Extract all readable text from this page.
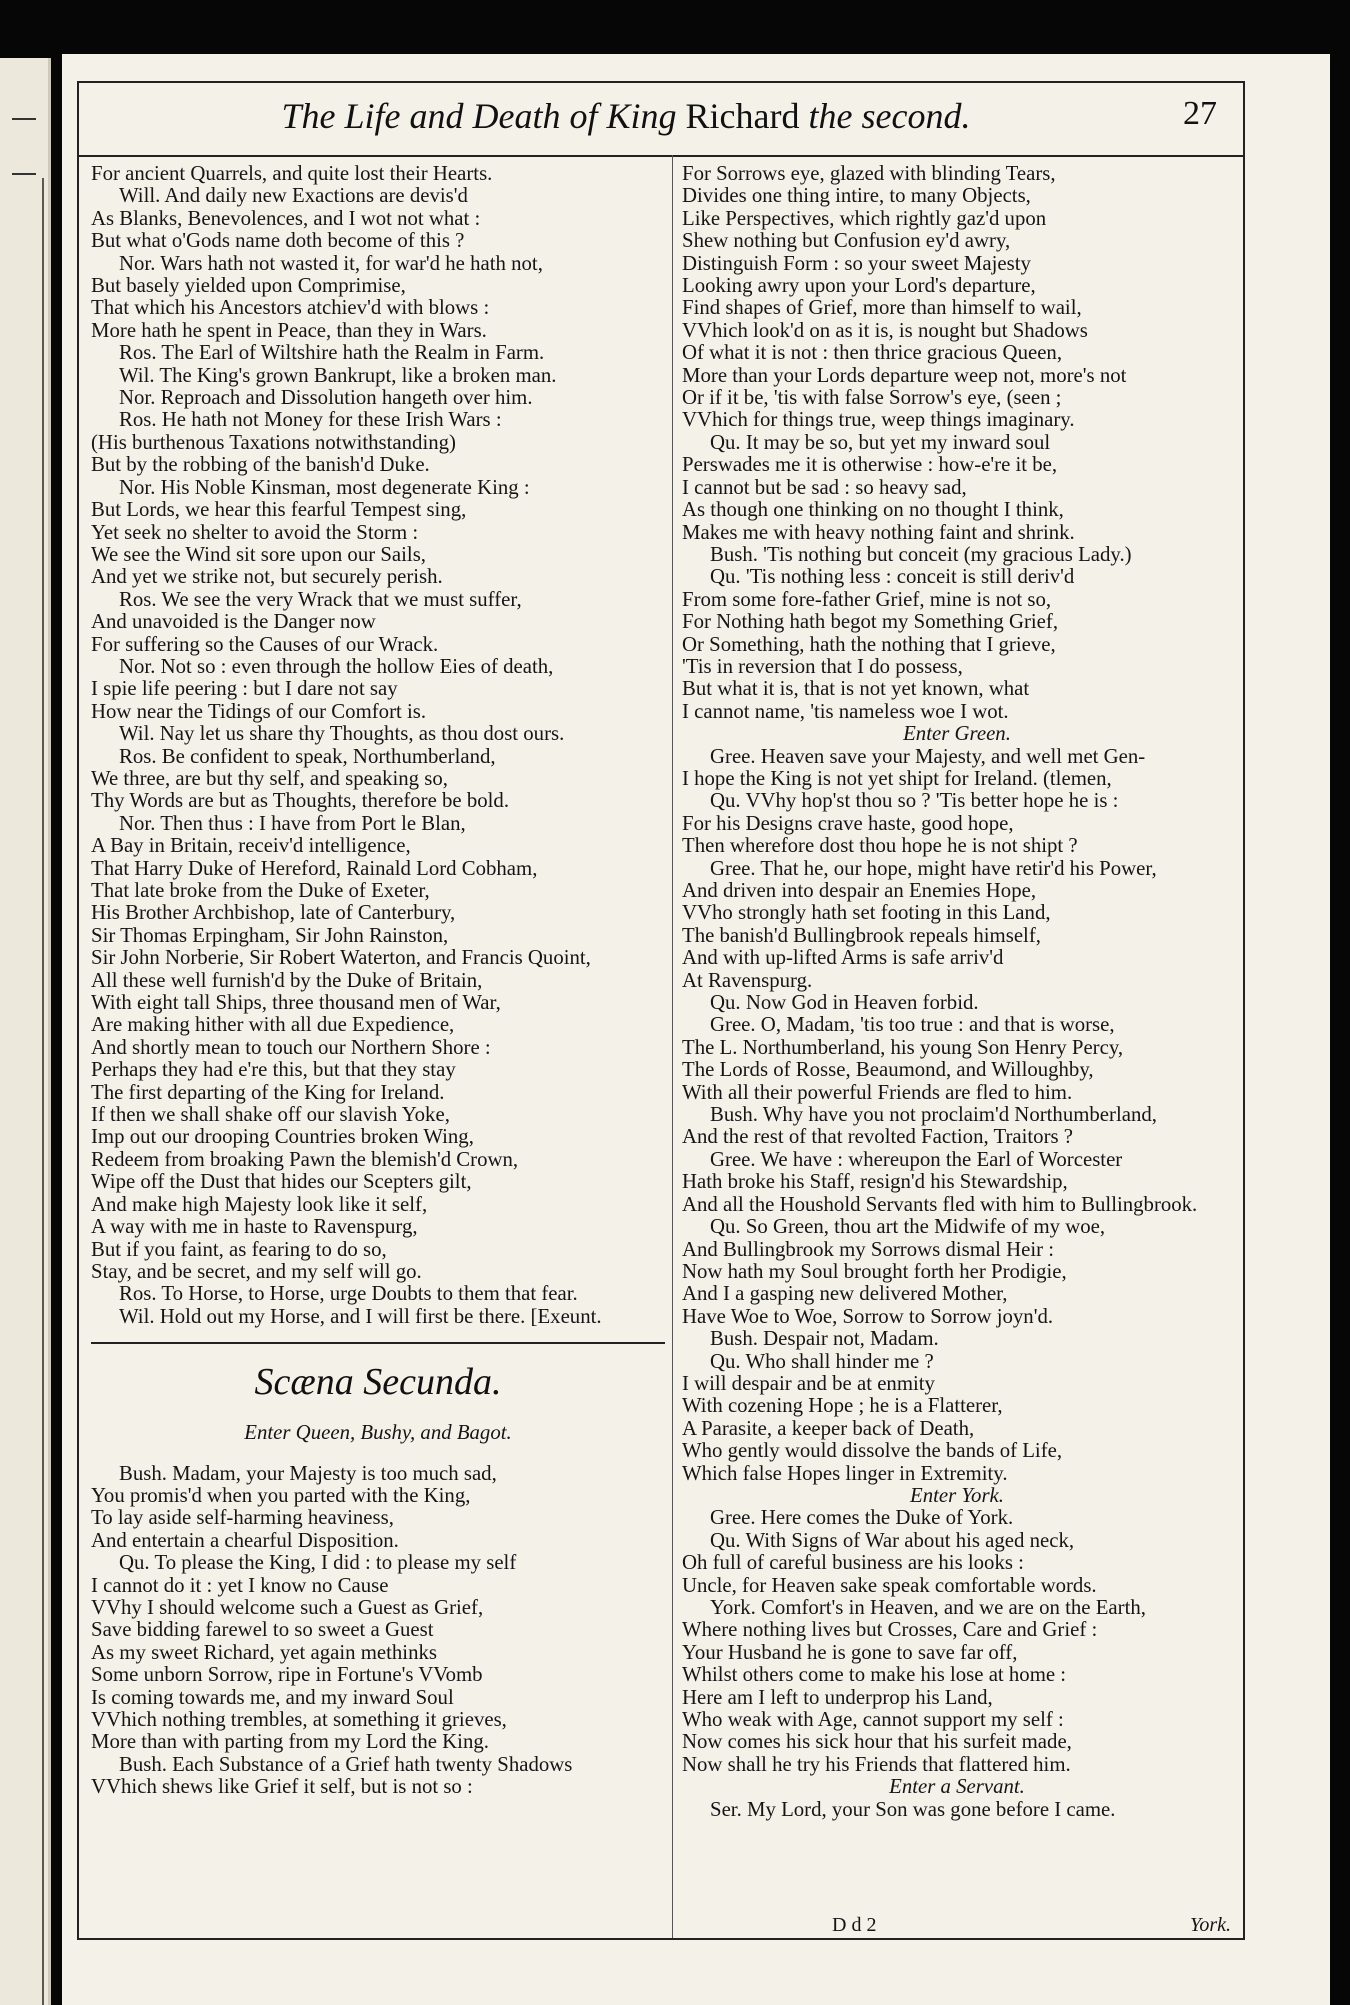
The Life and Death of King Richard the second.	27

For ancient Quarrels, and quite lost their Hearts.

Will. And daily new Exactions are devis'd

As Blanks, Benevolences, and I wot not what :

But what o'Gods name doth become of this ?

Nor. Wars hath not wasted it, for war'd he hath not,

But basely yielded upon Comprimise,

That which his Ancestors atchiev'd with blows :

More hath he spent in Peace, than they in Wars.

Ros. The Earl of Wiltshire hath the Realm in Farm.

Wil. The King's grown Bankrupt, like a broken man.

Nor. Reproach and Dissolution hangeth over him.

Ros. He hath not Money for these Irish Wars :

(His burthenous Taxations notwithstanding)

But by the robbing of the banish'd Duke.

Nor. His Noble Kinsman, most degenerate King :

But Lords, we hear this fearful Tempest sing,

Yet seek no shelter to avoid the Storm :

We see the Wind sit sore upon our Sails,

And yet we strike not, but securely perish.

Ros. We see the very Wrack that we must suffer,

And unavoided is the Danger now

For suffering so the Causes of our Wrack.

Nor. Not so : even through the hollow Eies of death,

I spie life peering : but I dare not say

How near the Tidings of our Comfort is.

Wil. Nay let us share thy Thoughts, as thou dost ours.

Ros. Be confident to speak, Northumberland,

We three, are but thy self, and speaking so,

Thy Words are but as Thoughts, therefore be bold.

Nor. Then thus : I have from Port le Blan,

A Bay in Britain, receiv'd intelligence,

That Harry Duke of Hereford, Rainald Lord Cobham,

That late broke from the Duke of Exeter,

His Brother Archbishop, late of Canterbury,

Sir Thomas Erpingham, Sir John Rainston,

Sir John Norberie, Sir Robert Waterton, and Francis Quoint,

All these well furnish'd by the Duke of Britain,

With eight tall Ships, three thousand men of War,

Are making hither with all due Expedience,

And shortly mean to touch our Northern Shore :

Perhaps they had e're this, but that they stay

The first departing of the King for Ireland.

If then we shall shake off our slavish Yoke,

Imp out our drooping Countries broken Wing,

Redeem from broaking Pawn the blemish'd Crown,

Wipe off the Dust that hides our Scepters gilt,

And make high Majesty look like it self,

A way with me in haste to Ravenspurg,

But if you faint, as fearing to do so,

Stay, and be secret, and my self will go.

Ros. To Horse, to Horse, urge Doubts to them that fear.

Wil. Hold out my Horse, and I will first be there. [Exeunt.

Scæna Secunda.
Enter Queen, Bushy, and Bagot.

Bush. Madam, your Majesty is too much sad,

You promis'd when you parted with the King,

To lay aside self-harming heaviness,

And entertain a chearful Disposition.

Qu. To please the King, I did : to please my self

I cannot do it : yet I know no Cause

VVhy I should welcome such a Guest as Grief,

Save bidding farewel to so sweet a Guest

As my sweet Richard, yet again methinks

Some unborn Sorrow, ripe in Fortune's VVomb

Is coming towards me, and my inward Soul

VVhich nothing trembles, at something it grieves,

More than with parting from my Lord the King.

Bush. Each Substance of a Grief hath twenty Shadows

VVhich shews like Grief it self, but is not so :

For Sorrows eye, glazed with blinding Tears,

Divides one thing intire, to many Objects,

Like Perspectives, which rightly gaz'd upon

Shew nothing but Confusion ey'd awry,

Distinguish Form : so your sweet Majesty

Looking awry upon your Lord's departure,

Find shapes of Grief, more than himself to wail,

VVhich look'd on as it is, is nought but Shadows

Of what it is not : then thrice gracious Queen,

More than your Lords departure weep not, more's not

Or if it be, 'tis with false Sorrow's eye, (seen ;

VVhich for things true, weep things imaginary.

Qu. It may be so, but yet my inward soul

Perswades me it is otherwise : how-e're it be,

I cannot but be sad : so heavy sad,

As though one thinking on no thought I think,

Makes me with heavy nothing faint and shrink.

Bush. 'Tis nothing but conceit (my gracious Lady.)

Qu. 'Tis nothing less : conceit is still deriv'd

From some fore-father Grief, mine is not so,

For Nothing hath begot my Something Grief,

Or Something, hath the nothing that I grieve,

'Tis in reversion that I do possess,

But what it is, that is not yet known, what

I cannot name, 'tis nameless woe I wot.

Enter Green.

Gree. Heaven save your Majesty, and well met Gen-

I hope the King is not yet shipt for Ireland. (tlemen,

Qu. VVhy hop'st thou so ? 'Tis better hope he is :

For his Designs crave haste, good hope,

Then wherefore dost thou hope he is not shipt ?

Gree. That he, our hope, might have retir'd his Power,

And driven into despair an Enemies Hope,

VVho strongly hath set footing in this Land,

The banish'd Bullingbrook repeals himself,

And with up-lifted Arms is safe arriv'd

At Ravenspurg.

Qu. Now God in Heaven forbid.

Gree. O, Madam, 'tis too true : and that is worse,

The L. Northumberland, his young Son Henry Percy,

The Lords of Rosse, Beaumond, and Willoughby,

With all their powerful Friends are fled to him.

Bush. Why have you not proclaim'd Northumberland,

And the rest of that revolted Faction, Traitors ?

Gree. We have : whereupon the Earl of Worcester

Hath broke his Staff, resign'd his Stewardship,

And all the Houshold Servants fled with him to Bullingbrook.

Qu. So Green, thou art the Midwife of my woe,

And Bullingbrook my Sorrows dismal Heir :

Now hath my Soul brought forth her Prodigie,

And I a gasping new delivered Mother,

Have Woe to Woe, Sorrow to Sorrow joyn'd.

Bush. Despair not, Madam.

Qu. Who shall hinder me ?

I will despair and be at enmity

With cozening Hope ; he is a Flatterer,

A Parasite, a keeper back of Death,

Who gently would dissolve the bands of Life,

Which false Hopes linger in Extremity.

Enter York.

Gree. Here comes the Duke of York.

Qu. With Signs of War about his aged neck,

Oh full of careful business are his looks :

Uncle, for Heaven sake speak comfortable words.

York. Comfort's in Heaven, and we are on the Earth,

Where nothing lives but Crosses, Care and Grief :

Your Husband he is gone to save far off,

Whilst others come to make his lose at home :

Here am I left to underprop his Land,

Who weak with Age, cannot support my self :

Now comes his sick hour that his surfeit made,

Now shall he try his Friends that flattered him.

Enter a Servant.

Ser. My Lord, your Son was gone before I came.

D d 2	York.
